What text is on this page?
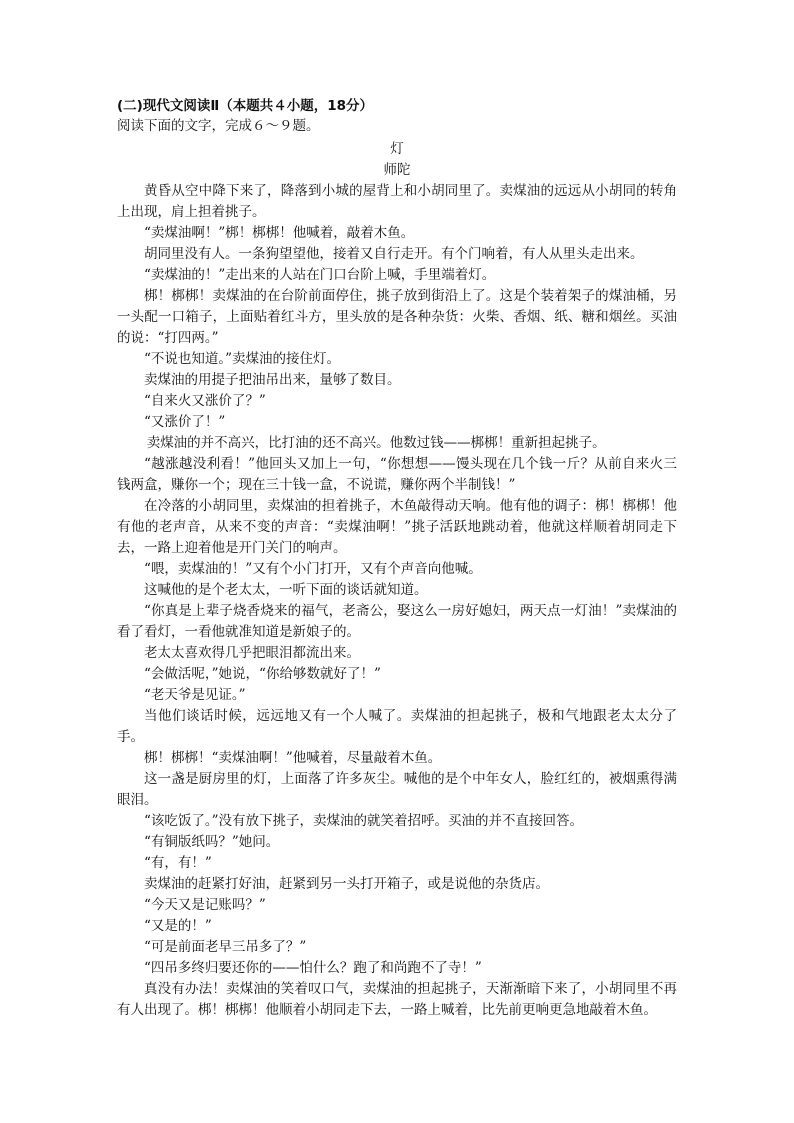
(二)现代文阅读Ⅱ（本题共４小题，18分）

阅读下面的文字，完成６～９题。

灯

师陀

黄昏从空中降下来了，降落到小城的屋背上和小胡同里了。卖煤油的远远从小胡同的转角上出现，肩上担着挑子。

“卖煤油啊！”梆！梆梆！他喊着，敲着木鱼。

胡同里没有人。一条狗望望他，接着又自行走开。有个门响着，有人从里头走出来。

“卖煤油的！”走出来的人站在门口台阶上喊，手里端着灯。

梆！梆梆！卖煤油的在台阶前面停住，挑子放到街沿上了。这是个装着架子的煤油桶，另一头配一口箱子，上面贴着红斗方，里头放的是各种杂货：火柴、香烟、纸、糖和烟丝。买油的说：“打四两。”

“不说也知道。”卖煤油的接住灯。

卖煤油的用提子把油吊出来，量够了数目。

“自来火又涨价了？”

“又涨价了！”

卖煤油的并不高兴，比打油的还不高兴。他数过钱——梆梆！重新担起挑子。

“越涨越没利看！”他回头又加上一句，“你想想——馒头现在几个钱一斤？从前自来火三钱两盒，赚你一个；现在三十钱一盒，不说谎，赚你两个半制钱！”

在冷落的小胡同里，卖煤油的担着挑子，木鱼敲得动天响。他有他的调子：梆！梆梆！他有他的老声音，从来不变的声音：“卖煤油啊！”挑子活跃地跳动着，他就这样顺着胡同走下去，一路上迎着他是开门关门的响声。

“喂，卖煤油的！”又有个小门打开，又有个声音向他喊。

这喊他的是个老太太，一听下面的谈话就知道。

“你真是上辈子烧香烧来的福气，老斋公，娶这么一房好媳妇，两天点一灯油！”卖煤油的看了看灯，一看他就准知道是新娘子的。

老太太喜欢得几乎把眼泪都流出来。

“会做活呢，”她说，“你给够数就好了！”

“老天爷是见证。”

当他们谈话时候，远远地又有一个人喊了。卖煤油的担起挑子，极和气地跟老太太分了手。

梆！梆梆！“卖煤油啊！”他喊着，尽量敲着木鱼。

这一盏是厨房里的灯，上面落了许多灰尘。喊他的是个中年女人，脸红红的，被烟熏得满眼泪。

“该吃饭了。”没有放下挑子，卖煤油的就笑着招呼。买油的并不直接回答。

“有铜版纸吗？”她问。

“有，有！”

卖煤油的赶紧打好油，赶紧到另一头打开箱子，或是说他的杂货店。

“今天又是记账吗？”

“又是的！”

“可是前面老早三吊多了？”

“四吊多终归要还你的——怕什么？跑了和尚跑不了寺！”

真没有办法！卖煤油的笑着叹口气，卖煤油的担起挑子，天渐渐暗下来了，小胡同里不再有人出现了。梆！梆梆！他顺着小胡同走下去，一路上喊着，比先前更响更急地敲着木鱼。
